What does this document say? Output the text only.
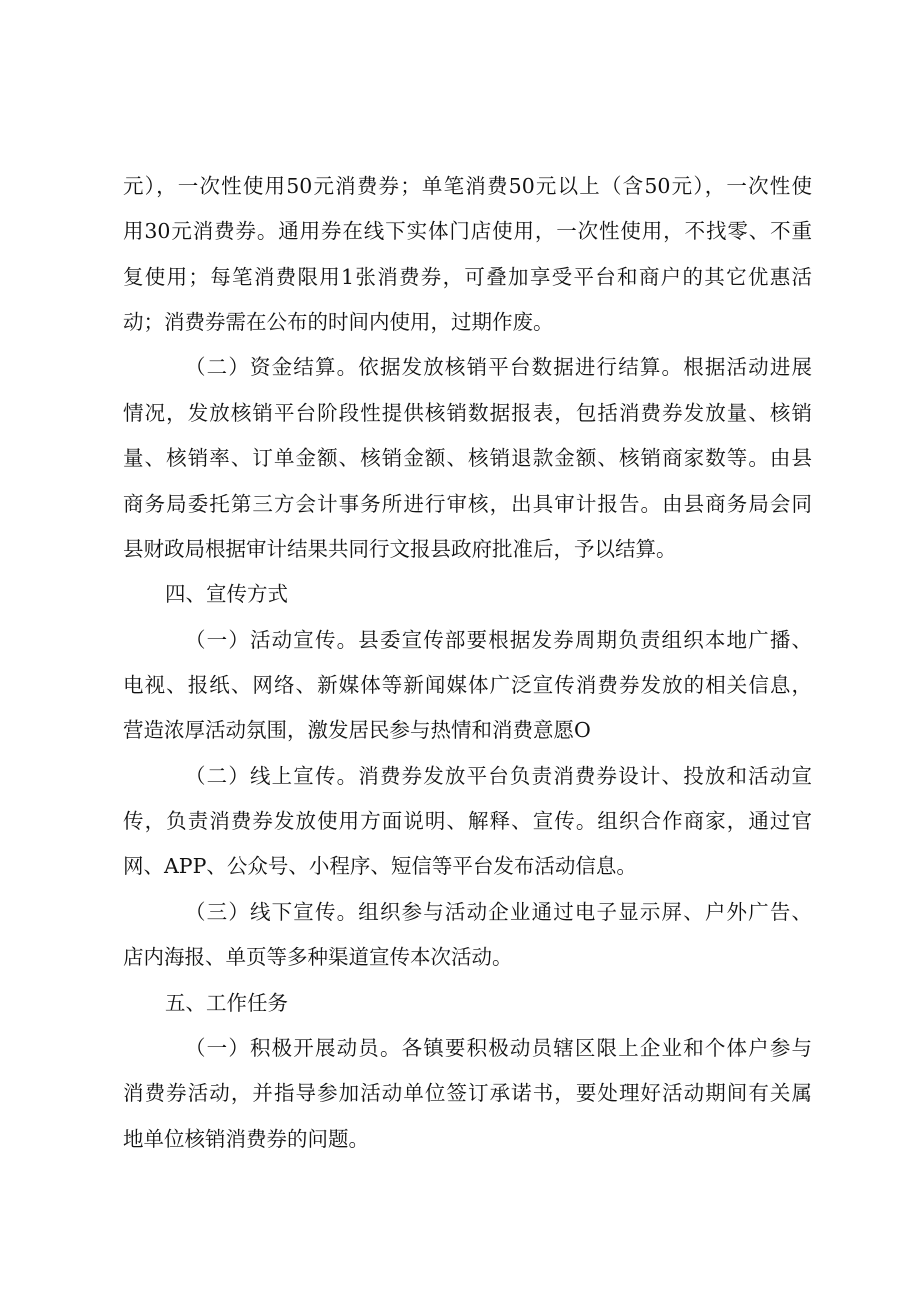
元），一次性使用50元消费券；单笔消费50元以上（含50元），一次性使
用30元消费券。通用券在线下实体门店使用，一次性使用，不找零、不重
复使用；每笔消费限用1张消费券，可叠加享受平台和商户的其它优惠活
动；消费券需在公布的时间内使用，过期作废。
（二）资金结算。依据发放核销平台数据进行结算。根据活动进展
情况，发放核销平台阶段性提供核销数据报表，包括消费券发放量、核销
量、核销率、订单金额、核销金额、核销退款金额、核销商家数等。由县
商务局委托第三方会计事务所进行审核，出具审计报告。由县商务局会同
县财政局根据审计结果共同行文报县政府批准后，予以结算。
四、宣传方式
（一）活动宣传。县委宣传部要根据发券周期负责组织本地广播、
电视、报纸、网络、新媒体等新闻媒体广泛宣传消费券发放的相关信息，
营造浓厚活动氛围，激发居民参与热情和消费意愿O
（二）线上宣传。消费券发放平台负责消费券设计、投放和活动宣
传，负责消费券发放使用方面说明、解释、宣传。组织合作商家，通过官
网、APP、公众号、小程序、短信等平台发布活动信息。
（三）线下宣传。组织参与活动企业通过电子显示屏、户外广告、
店内海报、单页等多种渠道宣传本次活动。
五、工作任务
（一）积极开展动员。各镇要积极动员辖区限上企业和个体户参与
消费券活动，并指导参加活动单位签订承诺书，要处理好活动期间有关属
地单位核销消费券的问题。
